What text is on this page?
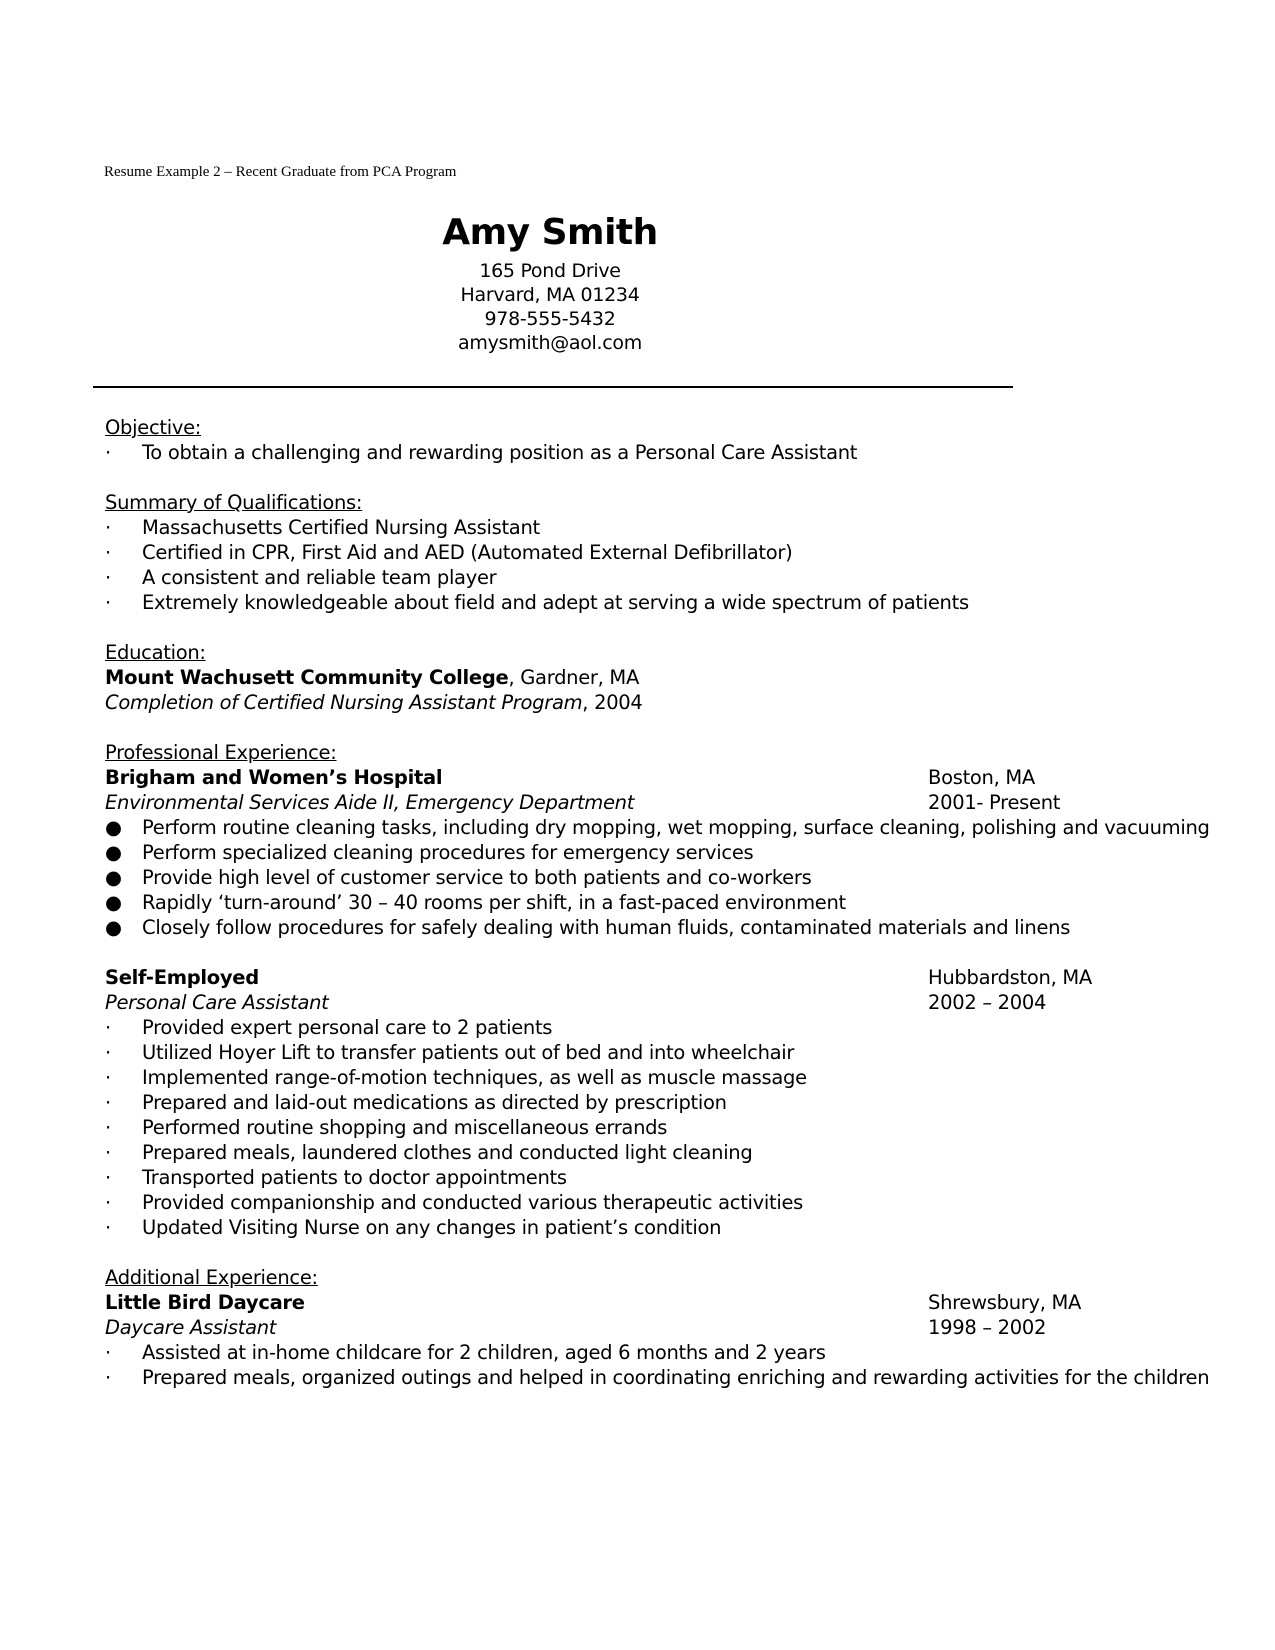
Resume Example 2 – Recent Graduate from PCA Program
Amy Smith
165 Pond Drive
Harvard, MA 01234
978-555-5432
amysmith@aol.com
Objective:
·	To obtain a challenging and rewarding position as a Personal Care Assistant
Summary of Qualifications:
·	Massachusetts Certified Nursing Assistant
·	Certified in CPR, First Aid and AED (Automated External Defibrillator)
·	A consistent and reliable team player
·	Extremely knowledgeable about field and adept at serving a wide spectrum of patients
Education:
Mount Wachusett Community College, Gardner, MA
Completion of Certified Nursing Assistant Program, 2004
Professional Experience:
Brigham and Women’s Hospital	Boston, MA
Environmental Services Aide II, Emergency Department	2001- Present
● Perform routine cleaning tasks, including dry mopping, wet mopping, surface cleaning, polishing and vacuuming
● Perform specialized cleaning procedures for emergency services
● Provide high level of customer service to both patients and co-workers
● Rapidly ‘turn-around’ 30 – 40 rooms per shift, in a fast-paced environment
● Closely follow procedures for safely dealing with human fluids, contaminated materials and linens
Self-Employed	Hubbardston, MA
Personal Care Assistant	2002 – 2004
·	Provided expert personal care to 2 patients
·	Utilized Hoyer Lift to transfer patients out of bed and into wheelchair
·	Implemented range-of-motion techniques, as well as muscle massage
·	Prepared and laid-out medications as directed by prescription
·	Performed routine shopping and miscellaneous errands
·	Prepared meals, laundered clothes and conducted light cleaning
·	Transported patients to doctor appointments
·	Provided companionship and conducted various therapeutic activities
·	Updated Visiting Nurse on any changes in patient’s condition
Additional Experience:
Little Bird Daycare	Shrewsbury, MA
Daycare Assistant	1998 – 2002
·	Assisted at in-home childcare for 2 children, aged 6 months and 2 years
·	Prepared meals, organized outings and helped in coordinating enriching and rewarding activities for the children
